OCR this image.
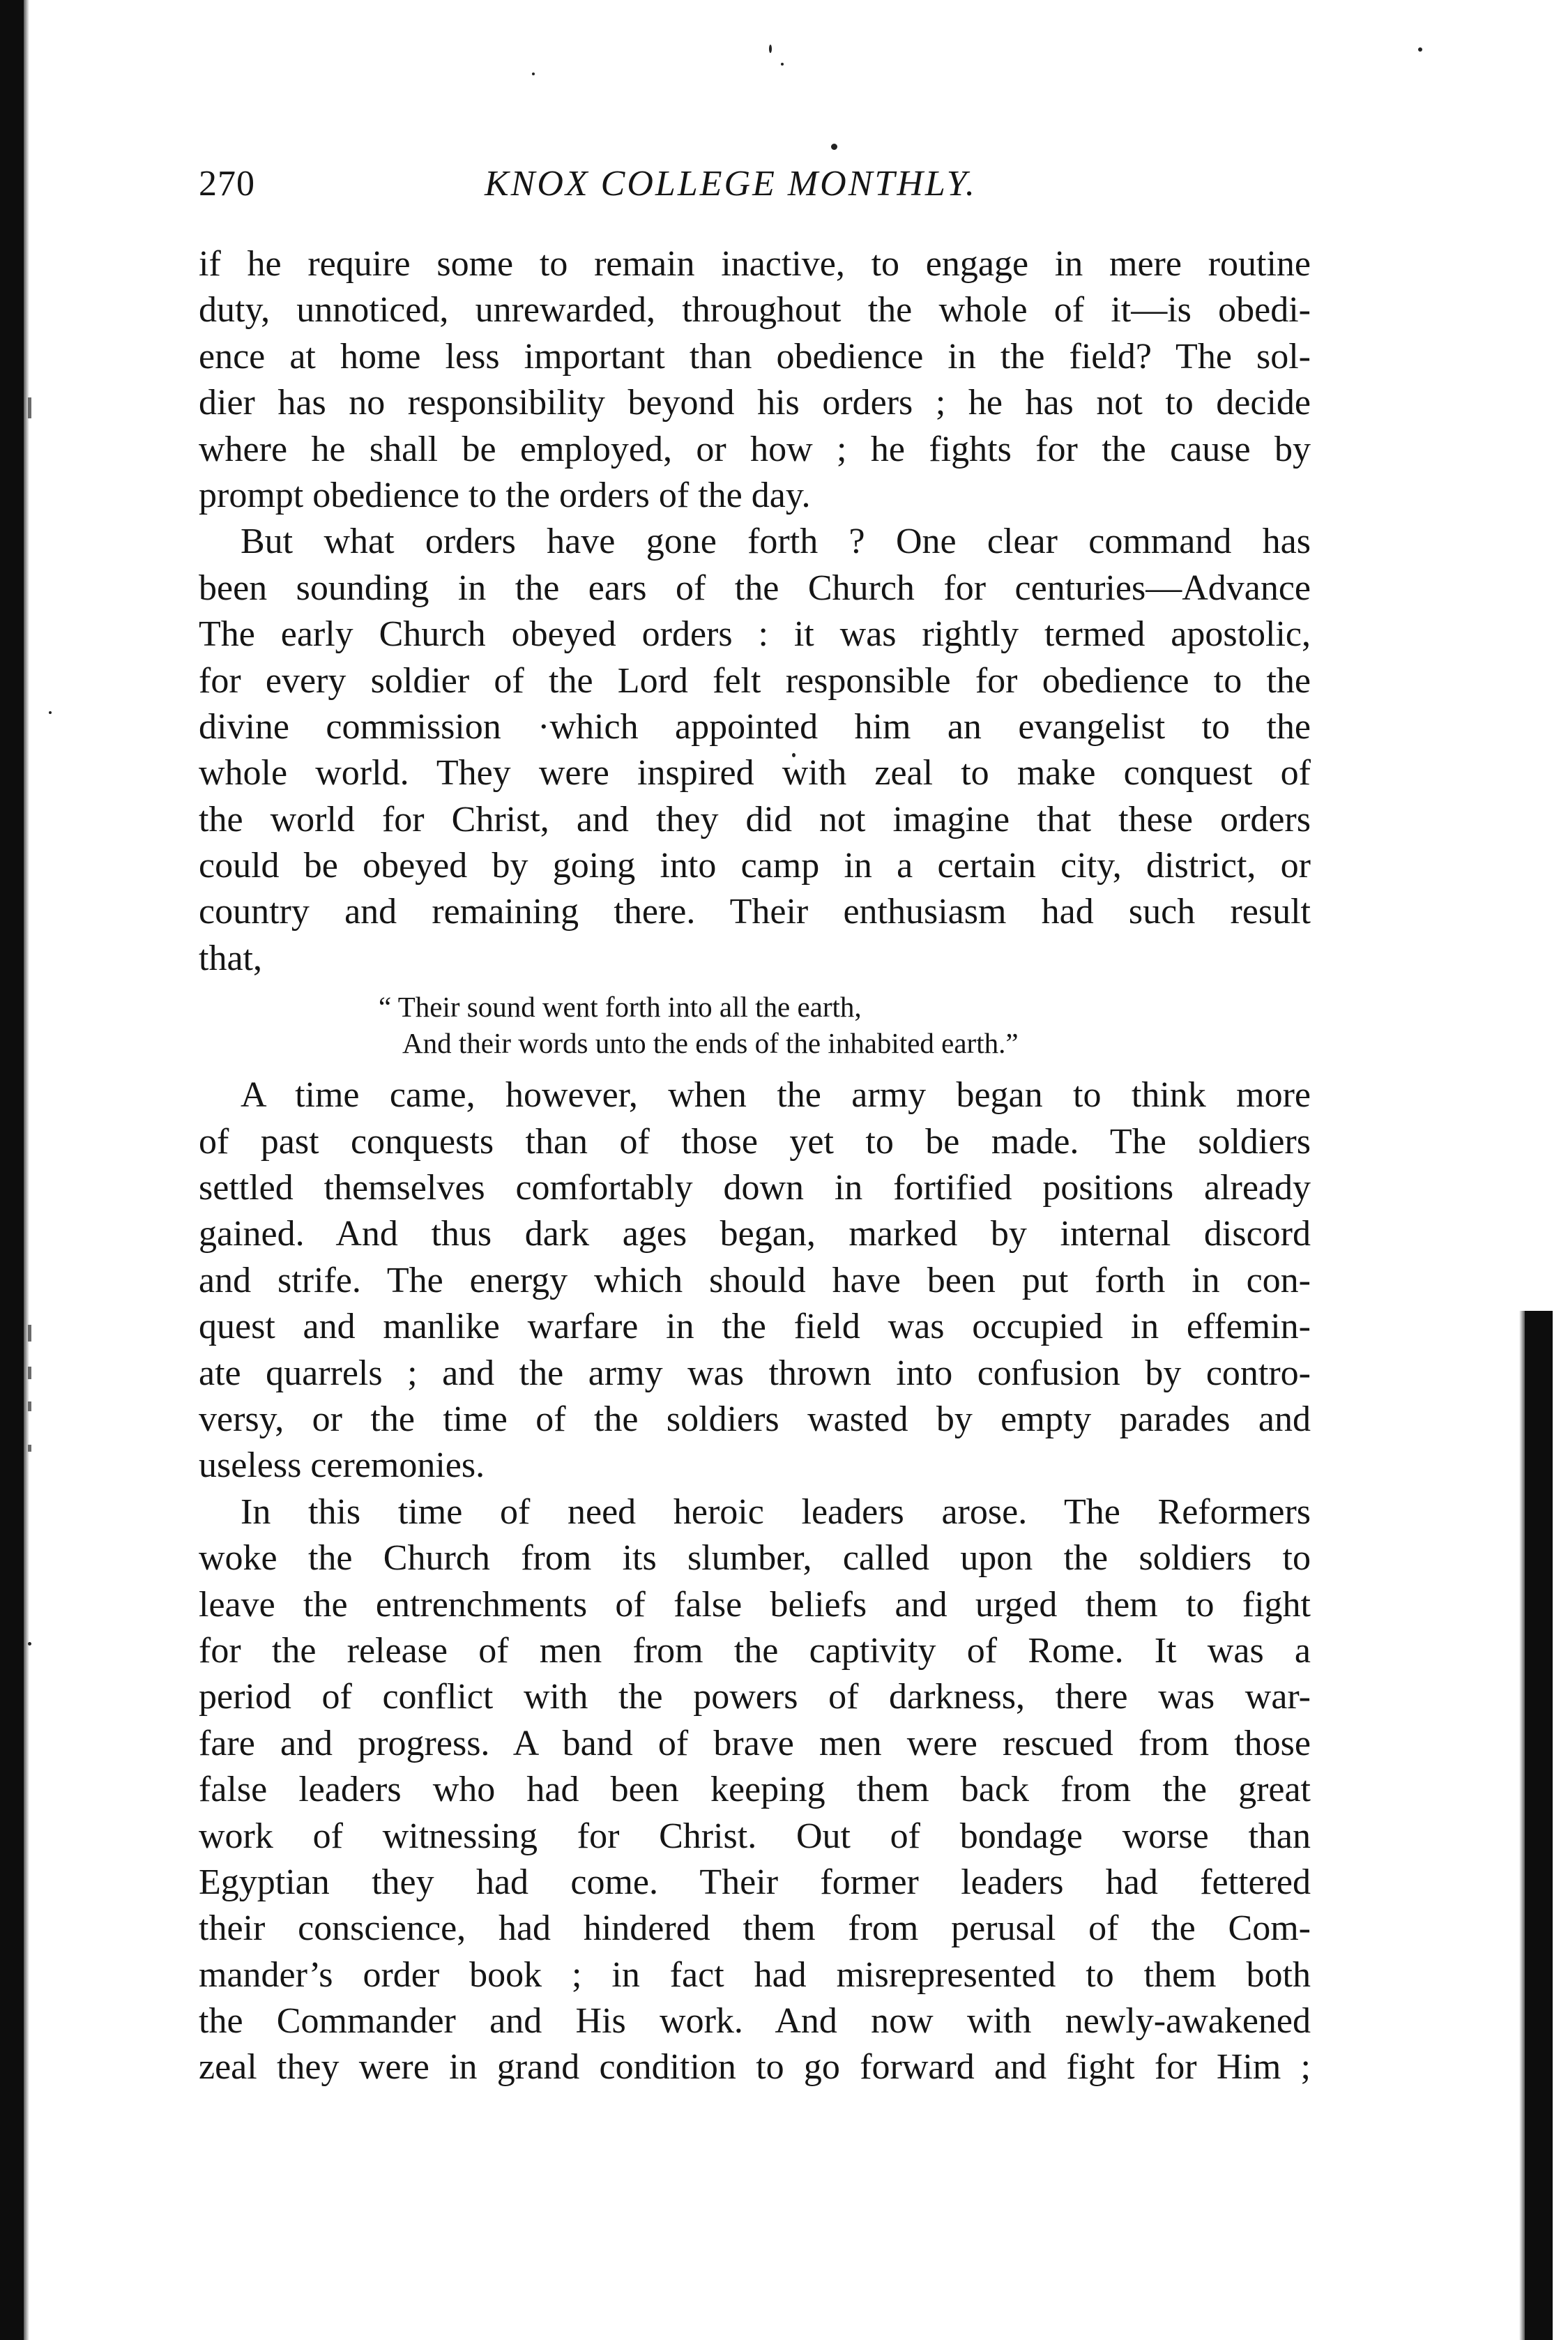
270	KNOX COLLEGE MONTHLY.

if he require some to remain inactive, to engage in mere routine
duty, unnoticed, unrewarded, throughout the whole of it—is obedi-
ence at home less important than obedience in the field? The sol-
dier has no responsibility beyond his orders ; he has not to decide
where he shall be employed, or how ; he fights for the cause by
prompt obedience to the orders of the day.

But what orders have gone forth ? One clear command has
been sounding in the ears of the Church for centuries—Advance
The early Church obeyed orders : it was rightly termed apostolic,
for every soldier of the Lord felt responsible for obedience to the
divine commission ·which appointed him an evangelist to the
whole world. They were inspired with zeal to make conquest of
the world for Christ, and they did not imagine that these orders
could be obeyed by going into camp in a certain city, district, or
country and remaining there. Their enthusiasm had such result
that,

“ Their sound went forth into all the earth,
And their words unto the ends of the inhabited earth.”

A time came, however, when the army began to think more
of past conquests than of those yet to be made. The soldiers
settled themselves comfortably down in fortified positions already
gained. And thus dark ages began, marked by internal discord
and strife. The energy which should have been put forth in con-
quest and manlike warfare in the field was occupied in effemin-
ate quarrels ; and the army was thrown into confusion by contro-
versy, or the time of the soldiers wasted by empty parades and
useless ceremonies.

In this time of need heroic leaders arose. The Reformers
woke the Church from its slumber, called upon the soldiers to
leave the entrenchments of false beliefs and urged them to fight
for the release of men from the captivity of Rome. It was a
period of conflict with the powers of darkness, there was war-
fare and progress. A band of brave men were rescued from those
false leaders who had been keeping them back from the great
work of witnessing for Christ. Out of bondage worse than
Egyptian they had come. Their former leaders had fettered
their conscience, had hindered them from perusal of the Com-
mander’s order book ; in fact had misrepresented to them both
the Commander and His work. And now with newly-awakened
zeal they were in grand condition to go forward and fight for Him ;
